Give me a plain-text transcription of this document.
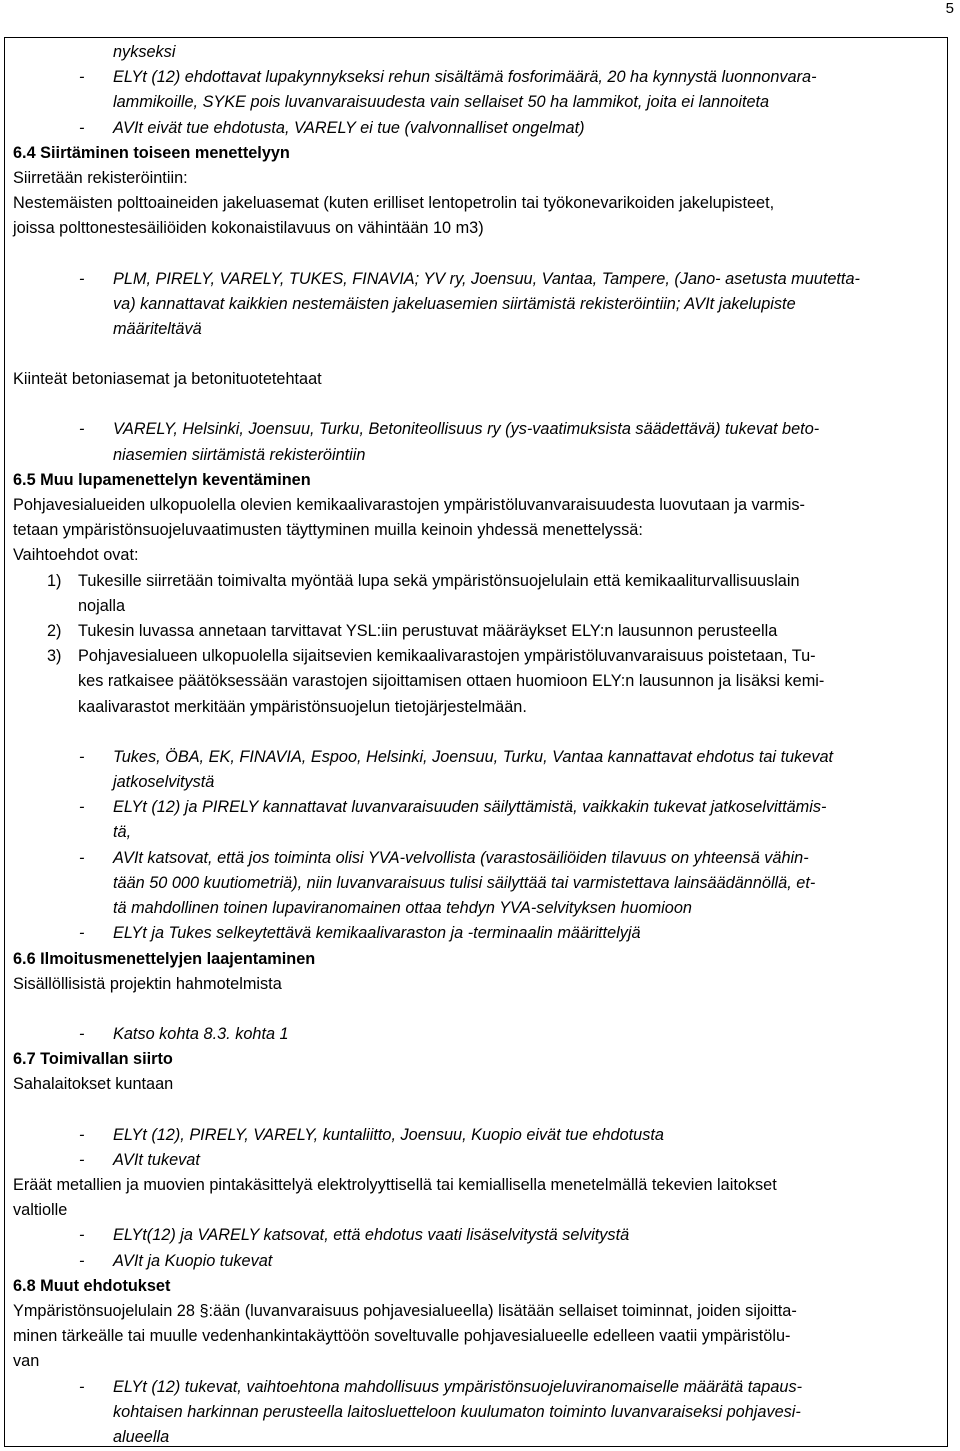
5
nykseksi
- ELYt (12) ehdottavat lupakynnykseksi rehun sisältämä fosforimäärä, 20 ha kynnystä luonnonvara-
lammikoille, SYKE pois luvanvaraisuudesta vain sellaiset 50 ha lammikot, joita ei lannoiteta
- AVIt eivät tue ehdotusta, VARELY ei tue (valvonnalliset ongelmat)
6.4 Siirtäminen toiseen menettelyyn
Siirretään rekisteröintiin:
Nestemäisten polttoaineiden jakeluasemat (kuten erilliset lentopetrolin tai työkonevarikoiden jakelupisteet,
joissa polttonestesäiliöiden kokonaistilavuus on vähintään 10 m3)
- PLM, PIRELY, VARELY, TUKES, FINAVIA; YV ry, Joensuu, Vantaa, Tampere, (Jano- asetusta muutetta-
va) kannattavat kaikkien nestemäisten jakeluasemien siirtämistä rekisteröintiin; AVIt jakelupiste
määriteltävä
Kiinteät betoniasemat ja betonituotetehtaat
- VARELY, Helsinki, Joensuu, Turku, Betoniteollisuus ry (ys-vaatimuksista säädettävä) tukevat beto-
niasemien siirtämistä rekisteröintiin
6.5 Muu lupamenettelyn keventäminen
Pohjavesialueiden ulkopuolella olevien kemikaalivarastojen ympäristöluvanvaraisuudesta luovutaan ja varmis-
tetaan ympäristönsuojeluvaatimusten täyttyminen muilla keinoin yhdessä menettelyssä:
Vaihtoehdot ovat:
1) Tukesille siirretään toimivalta myöntää lupa sekä ympäristönsuojelulain että kemikaaliturvallisuuslain
nojalla
2) Tukesin luvassa annetaan tarvittavat YSL:iin perustuvat määräykset ELY:n lausunnon perusteella
3) Pohjavesialueen ulkopuolella sijaitsevien kemikaalivarastojen ympäristöluvanvaraisuus poistetaan, Tu-
kes ratkaisee päätöksessään varastojen sijoittamisen ottaen huomioon ELY:n lausunnon ja lisäksi kemi-
kaalivarastot merkitään ympäristönsuojelun tietojärjestelmään.
- Tukes, ÖBA, EK, FINAVIA, Espoo, Helsinki, Joensuu, Turku, Vantaa kannattavat ehdotus tai tukevat
jatkoselvitystä
- ELYt (12) ja PIRELY kannattavat luvanvaraisuuden säilyttämistä, vaikkakin tukevat jatkoselvittämis-
tä,
- AVIt katsovat, että jos toiminta olisi YVA-velvollista (varastosäiliöiden tilavuus on yhteensä vähin-
tään 50 000 kuutiometriä), niin luvanvaraisuus tulisi säilyttää tai varmistettava lainsäädännöllä, et-
tä mahdollinen toinen lupaviranomainen ottaa tehdyn YVA-selvityksen huomioon
- ELYt ja Tukes selkeytettävä kemikaalivaraston ja -terminaalin määrittelyjä
6.6 Ilmoitusmenettelyjen laajentaminen
Sisällöllisistä projektin hahmotelmista
- Katso kohta 8.3. kohta 1
6.7 Toimivallan siirto
Sahalaitokset kuntaan
- ELYt (12), PIRELY, VARELY, kuntaliitto, Joensuu, Kuopio eivät tue ehdotusta
- AVIt tukevat
Eräät metallien ja muovien pintakäsittelyä elektrolyyttisellä tai kemiallisella menetelmällä tekevien laitokset
valtiolle
- ELYt(12) ja VARELY katsovat, että ehdotus vaati lisäselvitystä selvitystä
- AVIt ja Kuopio tukevat
6.8 Muut ehdotukset
Ympäristönsuojelulain 28 §:ään (luvanvaraisuus pohjavesialueella) lisätään sellaiset toiminnat, joiden sijoitta-
minen tärkeälle tai muulle vedenhankintakäyttöön soveltuvalle pohjavesialueelle edelleen vaatii ympäristölu-
van
- ELYt (12) tukevat, vaihtoehtona mahdollisuus ympäristönsuojeluviranomaiselle määrätä tapaus-
kohtaisen harkinnan perusteella laitosluetteloon kuulumaton toiminto luvanvaraiseksi pohjavesi-
alueella
